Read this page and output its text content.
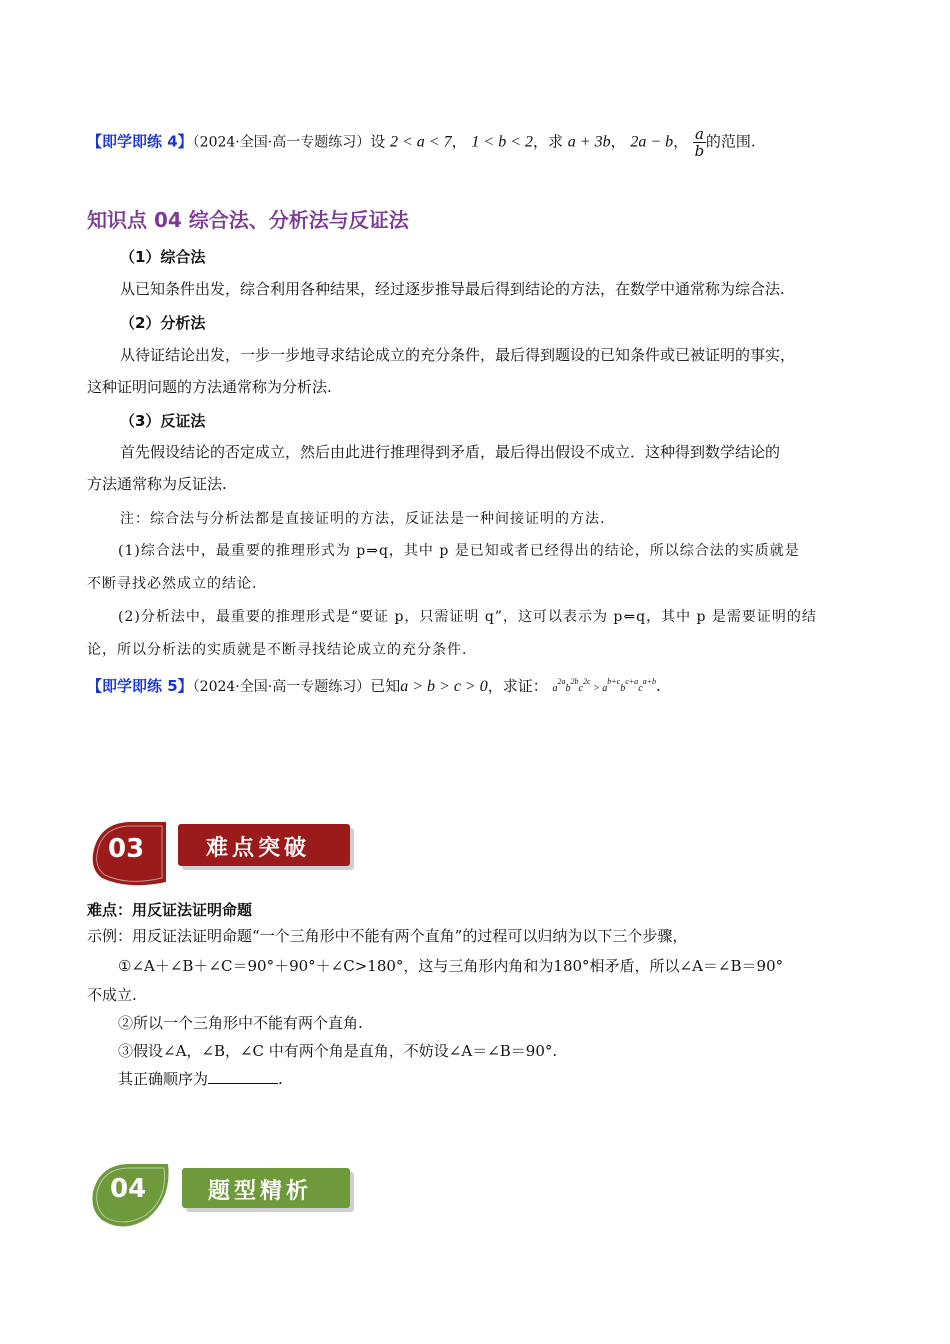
【即学即练 4】（2024·全国·高一专题练习）设 2 < a < 7， 1 < b < 2，求 a + 3b， 2a − b， $\frac{a}{b}$ 的范围.
知识点 04 综合法、分析法与反证法
（1）综合法
从已知条件出发，综合利用各种结果，经过逐步推导最后得到结论的方法，在数学中通常称为综合法.
（2）分析法
从待证结论出发，一步一步地寻求结论成立的充分条件，最后得到题设的已知条件或已被证明的事实，
这种证明问题的方法通常称为分析法.
（3）反证法
首先假设结论的否定成立，然后由此进行推理得到矛盾，最后得出假设不成立．这种得到数学结论的
方法通常称为反证法.
注：综合法与分析法都是直接证明的方法，反证法是一种间接证明的方法.
(1)综合法中，最重要的推理形式为 p⇒q，其中 p 是已知或者已经得出的结论，所以综合法的实质就是
不断寻找必然成立的结论.
(2)分析法中，最重要的推理形式是“要证 p，只需证明 q”，这可以表示为 p⇐q，其中 p 是需要证明的结
论，所以分析法的实质就是不断寻找结论成立的充分条件.
【即学即练 5】（2024·全国·高一专题练习）已知a > b > c > 0，求证： $a^{2a}b^{2b}c^{2c} > a^{b+c}b^{c+a}c^{a+b}$.
03	难点突破
难点：用反证法证明命题
示例：用反证法证明命题“一个三角形中不能有两个直角”的过程可以归纳为以下三个步骤，
①∠A＋∠B＋∠C＝90°＋90°＋∠C>180°，这与三角形内角和为180°相矛盾，所以∠A＝∠B＝90°
不成立.
②所以一个三角形中不能有两个直角.
③假设∠A，∠B，∠C 中有两个角是直角，不妨设∠A＝∠B＝90°.
其正确顺序为	.
04	题型精析
